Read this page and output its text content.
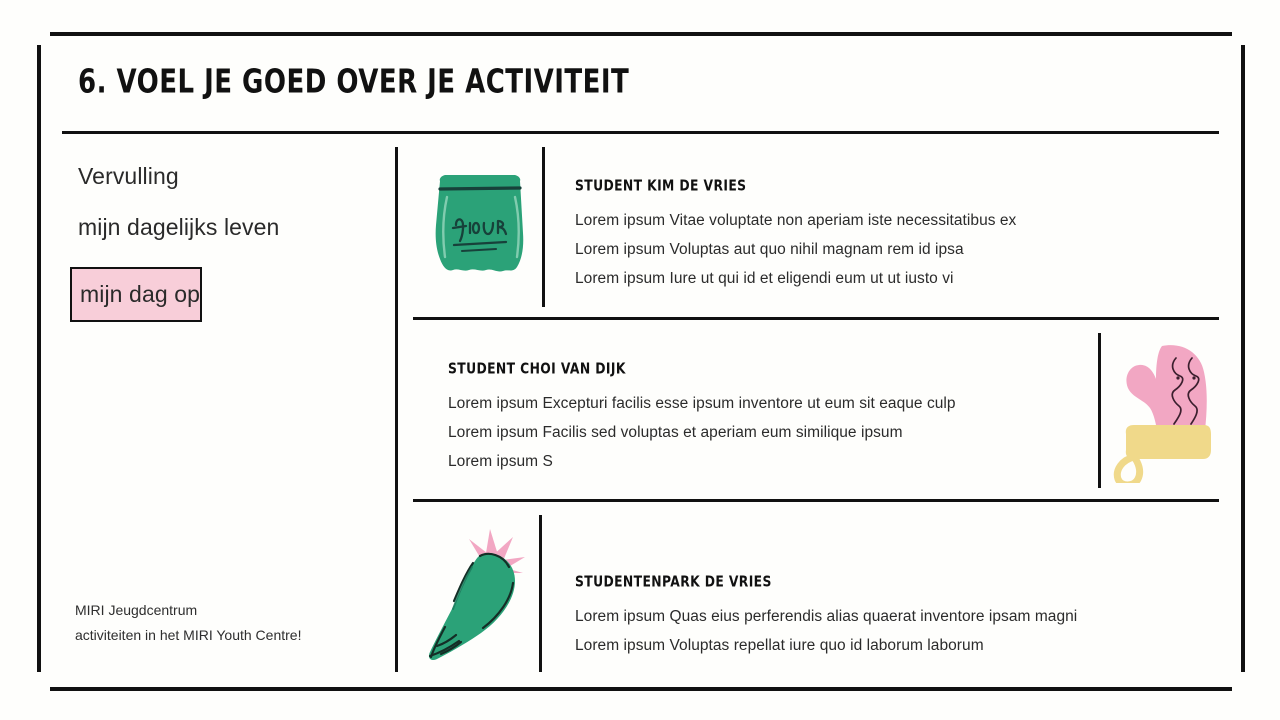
6. VOEL JE GOED OVER JE ACTIVITEIT
Vervulling
mijn dagelijks leven
mijn dag op
MIRI Jeugdcentrum
activiteiten in het MIRI Youth Centre!
STUDENT KIM DE VRIES
Lorem ipsum Vitae voluptate non aperiam iste necessitatibus ex
Lorem ipsum Voluptas aut quo nihil magnam rem id ipsa
Lorem ipsum Iure ut qui id et eligendi eum ut ut iusto vi
STUDENT CHOI VAN DIJK
Lorem ipsum Excepturi facilis esse ipsum inventore ut eum sit eaque culp
Lorem ipsum Facilis sed voluptas et aperiam eum similique ipsum
Lorem ipsum S
STUDENTENPARK DE VRIES
Lorem ipsum Quas eius perferendis alias quaerat inventore ipsam magni
Lorem ipsum Voluptas repellat iure quo id laborum laborum
